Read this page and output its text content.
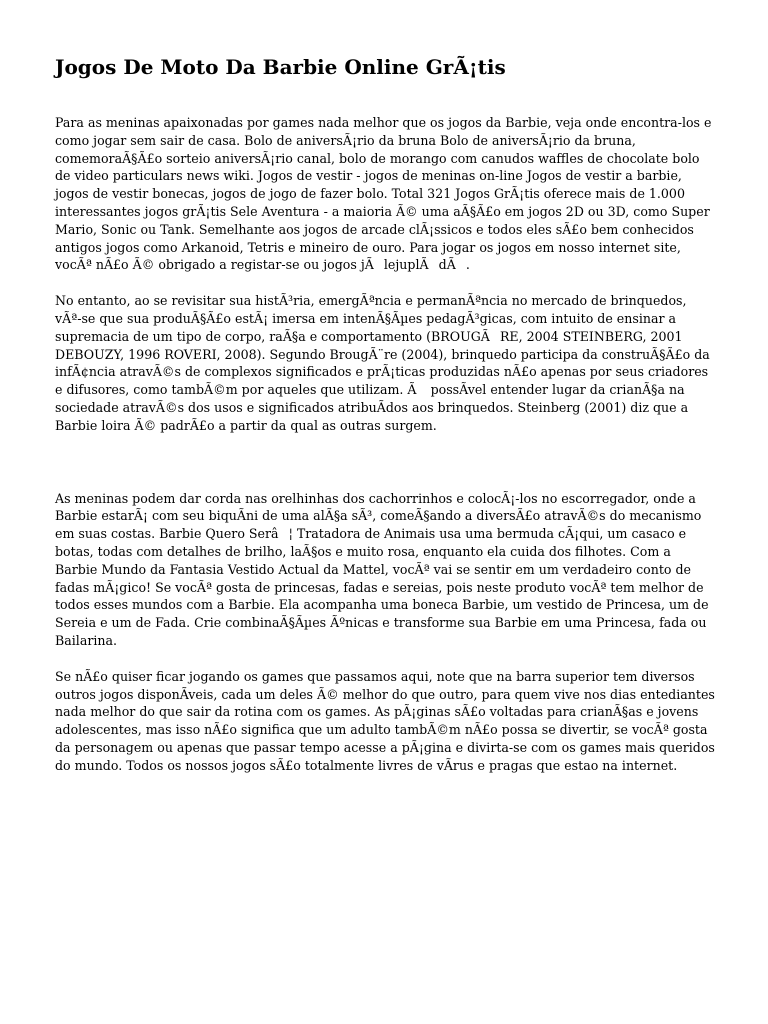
Jogos De Moto Da Barbie Online GrÃ¡tis

Para as meninas apaixonadas por games nada melhor que os jogos da Barbie, veja onde encontra-los e como jogar sem sair de casa. Bolo de aniversÃ¡rio da bruna Bolo de aniversÃ¡rio da bruna, comemoraÃ§Ã£o sorteio aniversÃ¡rio canal, bolo de morango com canudos waffles de chocolate bolo de video particulars news wiki. Jogos de vestir - jogos de meninas on-line Jogos de vestir a barbie, jogos de vestir bonecas, jogos de jogo de fazer bolo. Total 321 Jogos GrÃ¡tis oferece mais de 1.000 interessantes jogos grÃ¡tis Sele Aventura - a maioria Ã© uma aÃ§Ã£o em jogos 2D ou 3D, como Super Mario, Sonic ou Tank. Semelhante aos jogos de arcade clÃ¡ssicos e todos eles sÃ£o bem conhecidos antigos jogos como Arkanoid, Tetris e mineiro de ouro. Para jogar os jogos em nosso internet site, vocÃª nÃ£o Ã© obrigado a registar-se ou jogos jÃlejuplÃdÃ.

No entanto, ao se revisitar sua histÃ³ria, emergÃªncia e permanÃªncia no mercado de brinquedos, vÃª-se que sua produÃ§Ã£o estÃ¡ imersa em intenÃ§Ãµes pedagÃ³gicas, com intuito de ensinar a supremacia de um tipo de corpo, raÃ§a e comportamento (BROUGÃRE, 2004 STEINBERG, 2001 DEBOUZY, 1996 ROVERI, 2008). Segundo BrougÃ¨re (2004), brinquedo participa da construÃ§Ã£o da infÃ¢ncia atravÃ©s de complexos significados e prÃ¡ticas produzidas nÃ£o apenas por seus criadores e difusores, como tambÃ©m por aqueles que utilizam. Ã possÃvel entender lugar da crianÃ§a na sociedade atravÃ©s dos usos e significados atribuÃdos aos brinquedos. Steinberg (2001) diz que a Barbie loira Ã© padrÃ£o a partir da qual as outras surgem.

As meninas podem dar corda nas orelhinhas dos cachorrinhos e colocÃ¡-los no escorregador, onde a Barbie estarÃ¡ com seu biquÃni de uma alÃ§a sÃ³, comeÃ§ando a diversÃ£o atravÃ©s do mecanismo em suas costas. Barbie Quero Serâ¦ Tratadora de Animais usa uma bermuda cÃ¡qui, um casaco e botas, todas com detalhes de brilho, laÃ§os e muito rosa, enquanto ela cuida dos filhotes. Com a Barbie Mundo da Fantasia Vestido Actual da Mattel, vocÃª vai se sentir em um verdadeiro conto de fadas mÃ¡gico! Se vocÃª gosta de princesas, fadas e sereias, pois neste produto vocÃª tem melhor de todos esses mundos com a Barbie. Ela acompanha uma boneca Barbie, um vestido de Princesa, um de Sereia e um de Fada. Crie combinaÃ§Ãµes Ãºnicas e transforme sua Barbie em uma Princesa, fada ou Bailarina.

Se nÃ£o quiser ficar jogando os games que passamos aqui, note que na barra superior tem diversos outros jogos disponÃveis, cada um deles Ã© melhor do que outro, para quem vive nos dias entediantes nada melhor do que sair da rotina com os games. As pÃ¡ginas sÃ£o voltadas para crianÃ§as e jovens adolescentes, mas isso nÃ£o significa que um adulto tambÃ©m nÃ£o possa se divertir, se vocÃª gosta da personagem ou apenas que passar tempo acesse a pÃ¡gina e divirta-se com os games mais queridos do mundo. Todos os nossos jogos sÃ£o totalmente livres de vÃrus e pragas que estao na internet.
